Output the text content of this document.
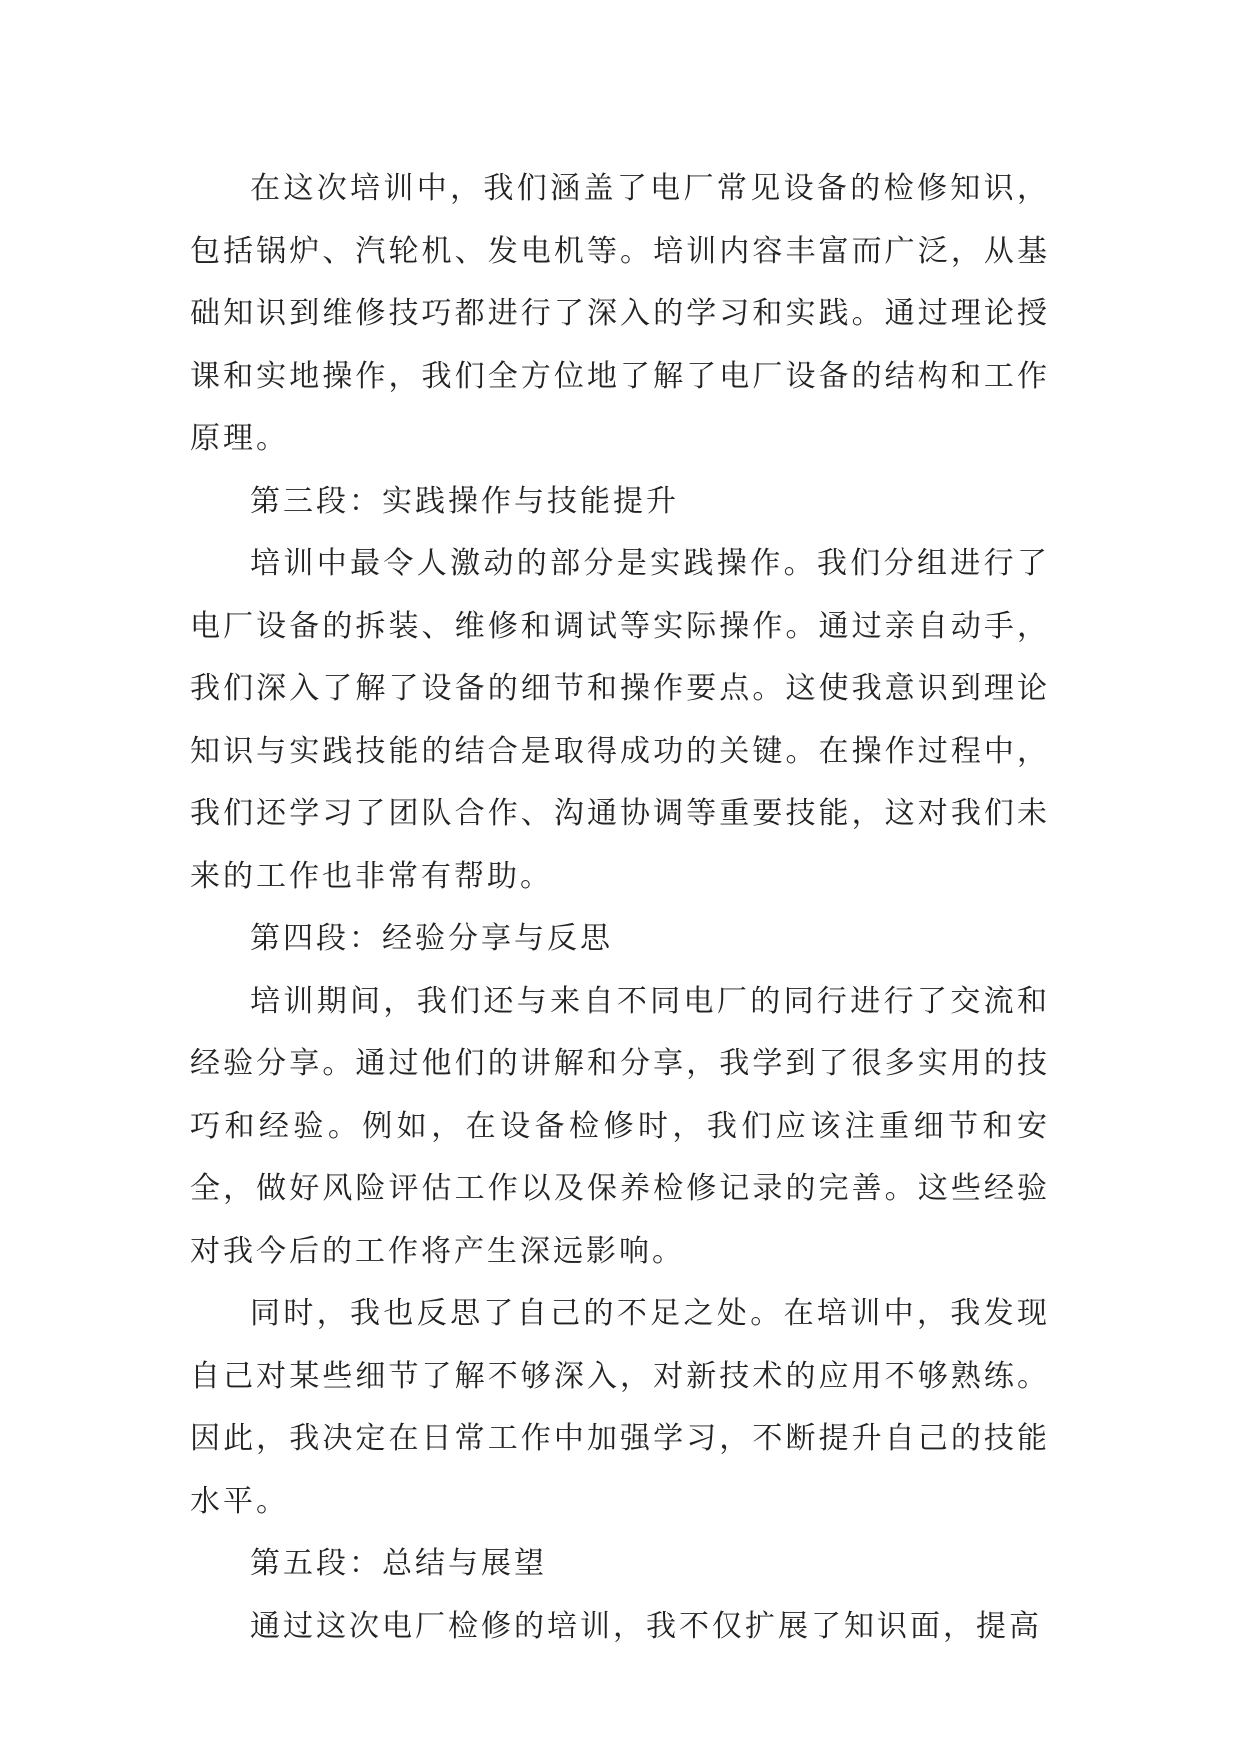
在这次培训中，我们涵盖了电厂常见设备的检修知识，包括锅炉、汽轮机、发电机等。培训内容丰富而广泛，从基础知识到维修技巧都进行了深入的学习和实践。通过理论授课和实地操作，我们全方位地了解了电厂设备的结构和工作原理。

第三段：实践操作与技能提升

培训中最令人激动的部分是实践操作。我们分组进行了电厂设备的拆装、维修和调试等实际操作。通过亲自动手，我们深入了解了设备的细节和操作要点。这使我意识到理论知识与实践技能的结合是取得成功的关键。在操作过程中，我们还学习了团队合作、沟通协调等重要技能，这对我们未来的工作也非常有帮助。

第四段：经验分享与反思

培训期间，我们还与来自不同电厂的同行进行了交流和经验分享。通过他们的讲解和分享，我学到了很多实用的技巧和经验。例如，在设备检修时，我们应该注重细节和安全，做好风险评估工作以及保养检修记录的完善。这些经验对我今后的工作将产生深远影响。

同时，我也反思了自己的不足之处。在培训中，我发现自己对某些细节了解不够深入，对新技术的应用不够熟练。因此，我决定在日常工作中加强学习，不断提升自己的技能水平。

第五段：总结与展望

通过这次电厂检修的培训，我不仅扩展了知识面，提高
